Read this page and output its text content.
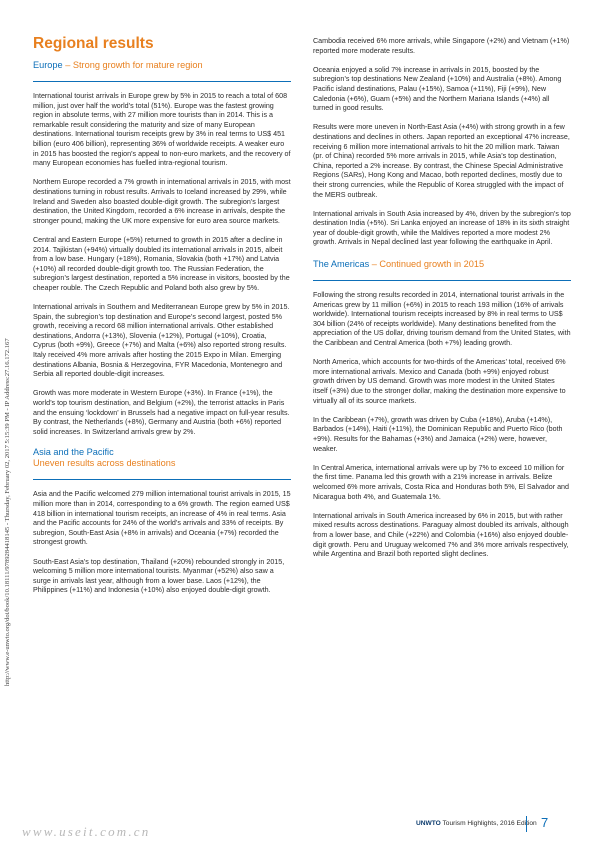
http://www.e-unwto.org/doi/book/10.18111/9789284418145 - Thursday, February 02, 2017 5:15:39 PM - IP Address:27.16.172.167
Regional results
Europe – Strong growth for mature region

International tourist arrivals in Europe grew by 5% in 2015 to reach a total of 608 million, just over half the world’s total (51%). Europe was the fastest growing region in absolute terms, with 27 million more tourists than in 2014. This is a remarkable result considering the maturity and size of many European destinations. International tourism receipts grew by 3% in real terms to US$ 451 billion (euro 406 billion), representing 36% of worldwide receipts. A weaker euro in 2015 has boosted the region’s appeal to non-euro markets, and the recovery of many European economies has fuelled intra-regional tourism.

Northern Europe recorded a 7% growth in international arrivals in 2015, with most destinations turning in robust results. Arrivals to Iceland increased by 29%, while Ireland and Sweden also boasted double-digit growth. The subregion’s largest destination, the United Kingdom, recorded a 6% increase in arrivals, despite the stronger pound, making the UK more expensive for euro area source markets.

Central and Eastern Europe (+5%) returned to growth in 2015 after a decline in 2014. Tajikistan (+94%) virtually doubled its international arrivals in 2015, albeit from a low base. Hungary (+18%), Romania, Slovakia (both +17%) and Latvia (+10%) all recorded double-digit growth too. The Russian Federation, the subregion’s largest destination, reported a 5% increase in visitors, boosted by the cheaper rouble. The Czech Republic and Poland both also grew by 5%.

International arrivals in Southern and Mediterranean Europe grew by 5% in 2015. Spain, the subregion’s top destination and Europe’s second largest, posted 5% growth, receiving a record 68 million international arrivals. Other established destinations, Andorra (+13%), Slovenia (+12%), Portugal (+10%), Croatia, Cyprus (both +9%), Greece (+7%) and Malta (+6%) also reported strong results. Italy received 4% more arrivals after hosting the 2015 Expo in Milan. Emerging destinations Albania, Bosnia & Herzegovina, FYR Macedonia, Montenegro and Serbia all reported double-digit increases.

Growth was more moderate in Western Europe (+3%). In France (+1%), the world’s top tourism destination, and Belgium (+2%), the terrorist attacks in Paris and the ensuing ‘lockdown’ in Brussels had a negative impact on full-year results. By contrast, the Netherlands (+8%), Germany and Austria (both +6%) reported solid increases. In Switzerland arrivals grew by 2%.

Asia and the Pacific
Uneven results across destinations

Asia and the Pacific welcomed 279 million international tourist arrivals in 2015, 15 million more than in 2014, corresponding to a 6% growth. The region earned US$ 418 billion in international tourism receipts, an increase of 4% in real terms. Asia and the Pacific accounts for 24% of the world’s arrivals and 33% of receipts. By subregion, South-East Asia (+8% in arrivals) and Oceania (+7%) recorded the strongest growth.

South-East Asia’s top destination, Thailand (+20%) rebounded strongly in 2015, welcoming 5 million more international tourists. Myanmar (+52%) also saw a surge in arrivals last year, although from a lower base. Laos (+12%), the Philippines (+11%) and Indonesia (+10%) also enjoyed double-digit growth.

Cambodia received 6% more arrivals, while Singapore (+2%) and Vietnam (+1%) reported more moderate results.

Oceania enjoyed a solid 7% increase in arrivals in 2015, boosted by the subregion’s top destinations New Zealand (+10%) and Australia (+8%). Among Pacific island destinations, Palau (+15%), Samoa (+11%), Fiji (+9%), New Caledonia (+6%), Guam (+5%) and the Northern Mariana Islands (+4%) all turned in good results.

Results were more uneven in North-East Asia (+4%) with strong growth in a few destinations and declines in others. Japan reported an exceptional 47% increase, receiving 6 million more international arrivals to hit the 20 million mark. Taiwan (pr. of China) recorded 5% more arrivals in 2015, while Asia’s top destination, China, reported a 2% increase. By contrast, the Chinese Special Administrative Regions (SARs), Hong Kong and Macao, both reported declines, mostly due to their strong currencies, while the Republic of Korea struggled with the impact of the MERS outbreak.

International arrivals in South Asia increased by 4%, driven by the subregion’s top destination India (+5%). Sri Lanka enjoyed an increase of 18% in its sixth straight year of double-digit growth, while the Maldives reported a more modest 2% growth. Arrivals in Nepal declined last year following the earthquake in April.

The Americas – Continued growth in 2015

Following the strong results recorded in 2014, international tourist arrivals in the Americas grew by 11 million (+6%) in 2015 to reach 193 million (16% of arrivals worldwide). International tourism receipts increased by 8% in real terms to US$ 304 billion (24% of receipts worldwide). Many destinations benefited from the appreciation of the US dollar, driving tourism demand from the United States, with the Caribbean and Central America (both +7%) leading growth.

North America, which accounts for two-thirds of the Americas’ total, received 6% more international arrivals. Mexico and Canada (both +9%) enjoyed robust growth driven by US demand. Growth was more modest in the United States itself (+3%) due to the stronger dollar, making the destination more expensive to virtually all of its source markets.

In the Caribbean (+7%), growth was driven by Cuba (+18%), Aruba (+14%), Barbados (+14%), Haiti (+11%), the Dominican Republic and Puerto Rico (both +9%). Results for the Bahamas (+3%) and Jamaica (+2%) were, however, weaker.

In Central America, international arrivals were up by 7% to exceed 10 million for the first time. Panama led this growth with a 21% increase in arrivals. Belize welcomed 6% more arrivals, Costa Rica and Honduras both 5%, El Salvador and Nicaragua both 4%, and Guatemala 1%.

International arrivals in South America increased by 6% in 2015, but with rather mixed results across destinations. Paraguay almost doubled its arrivals, although from a lower base, and Chile (+22%) and Colombia (+16%) also enjoyed double-digit growth. Peru and Uruguay welcomed 7% and 3% more arrivals respectively, while Argentina and Brazil both reported slight declines.

www.useit.com.cn
UNWTO Tourism Highlights, 2016 Edition 7
